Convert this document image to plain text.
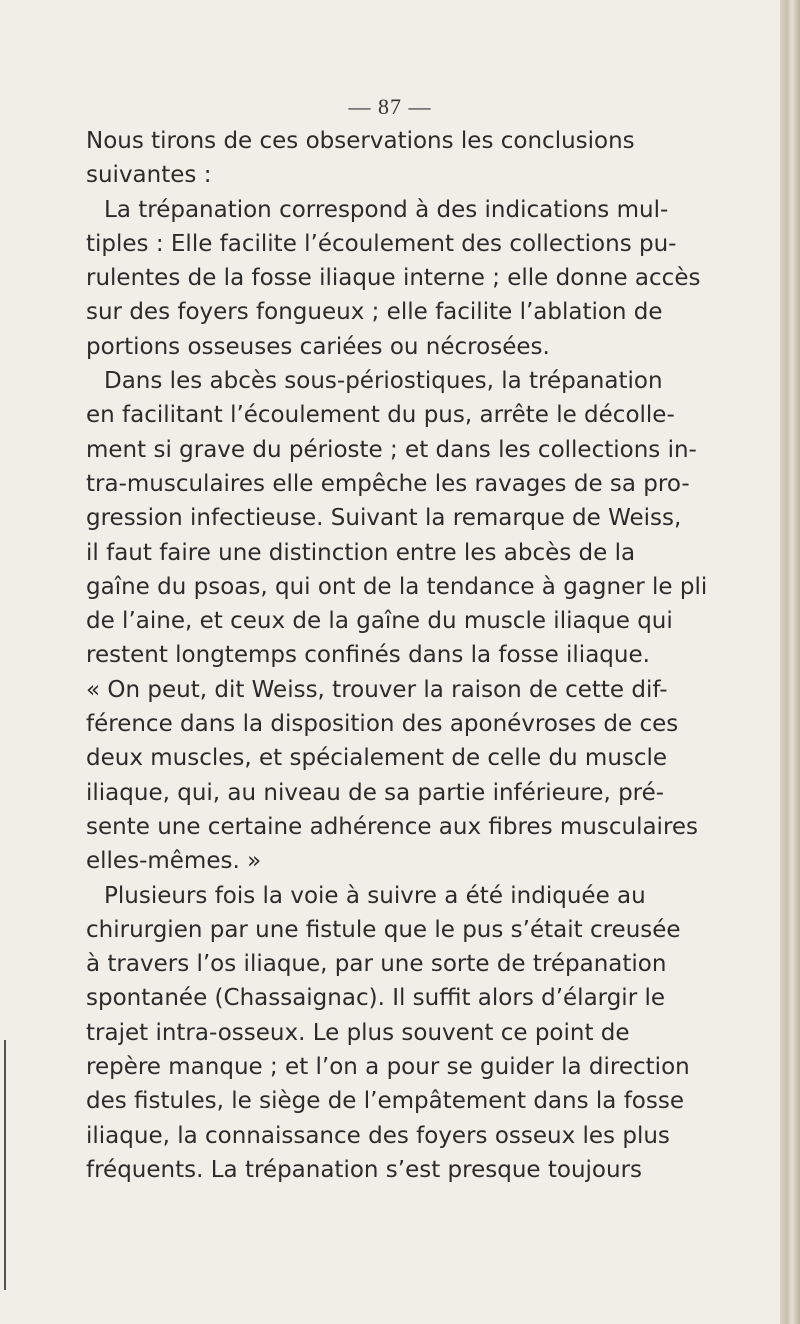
— 87 —
Nous tirons de ces observations les conclusions
suivantes :
La trépanation correspond à des indications mul-
tiples : Elle facilite l’écoulement des collections pu-
rulentes de la fosse iliaque interne ; elle donne accès
sur des foyers fongueux ; elle facilite l’ablation de
portions osseuses cariées ou nécrosées.
Dans les abcès sous-périostiques, la trépanation
en facilitant l’écoulement du pus, arrête le décolle-
ment si grave du périoste ; et dans les collections in-
tra-musculaires elle empêche les ravages de sa pro-
gression infectieuse. Suivant la remarque de Weiss,
il faut faire une distinction entre les abcès de la
gaîne du psoas, qui ont de la tendance à gagner le pli
de l’aine, et ceux de la gaîne du muscle iliaque qui
restent longtemps confinés dans la fosse iliaque.
« On peut, dit Weiss, trouver la raison de cette dif-
férence dans la disposition des aponévroses de ces
deux muscles, et spécialement de celle du muscle
iliaque, qui, au niveau de sa partie inférieure, pré-
sente une certaine adhérence aux fibres musculaires
elles-mêmes. »
Plusieurs fois la voie à suivre a été indiquée au
chirurgien par une fistule que le pus s’était creusée
à travers l’os iliaque, par une sorte de trépanation
spontanée (Chassaignac). Il suffit alors d’élargir le
trajet intra-osseux. Le plus souvent ce point de
repère manque ; et l’on a pour se guider la direction
des fistules, le siège de l’empâtement dans la fosse
iliaque, la connaissance des foyers osseux les plus
fréquents. La trépanation s’est presque toujours
